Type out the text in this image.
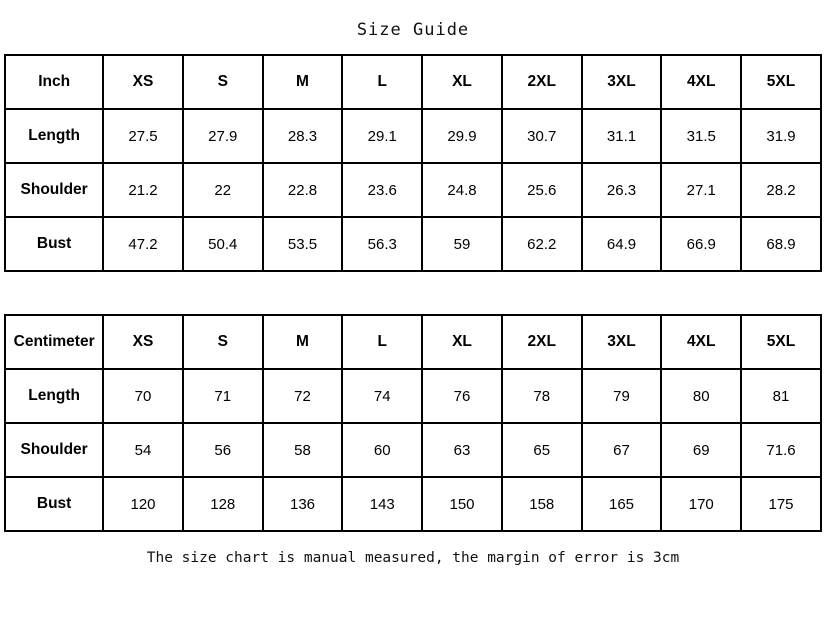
Size Guide
Inch	XS	S	M	L	XL	2XL	3XL	4XL	5XL
Length	27.5	27.9	28.3	29.1	29.9	30.7	31.1	31.5	31.9
Shoulder	21.2	22	22.8	23.6	24.8	25.6	26.3	27.1	28.2
Bust	47.2	50.4	53.5	56.3	59	62.2	64.9	66.9	68.9
Centimeter	XS	S	M	L	XL	2XL	3XL	4XL	5XL
Length	70	71	72	74	76	78	79	80	81
Shoulder	54	56	58	60	63	65	67	69	71.6
Bust	120	128	136	143	150	158	165	170	175
The size chart is manual measured, the margin of error is 3cm
